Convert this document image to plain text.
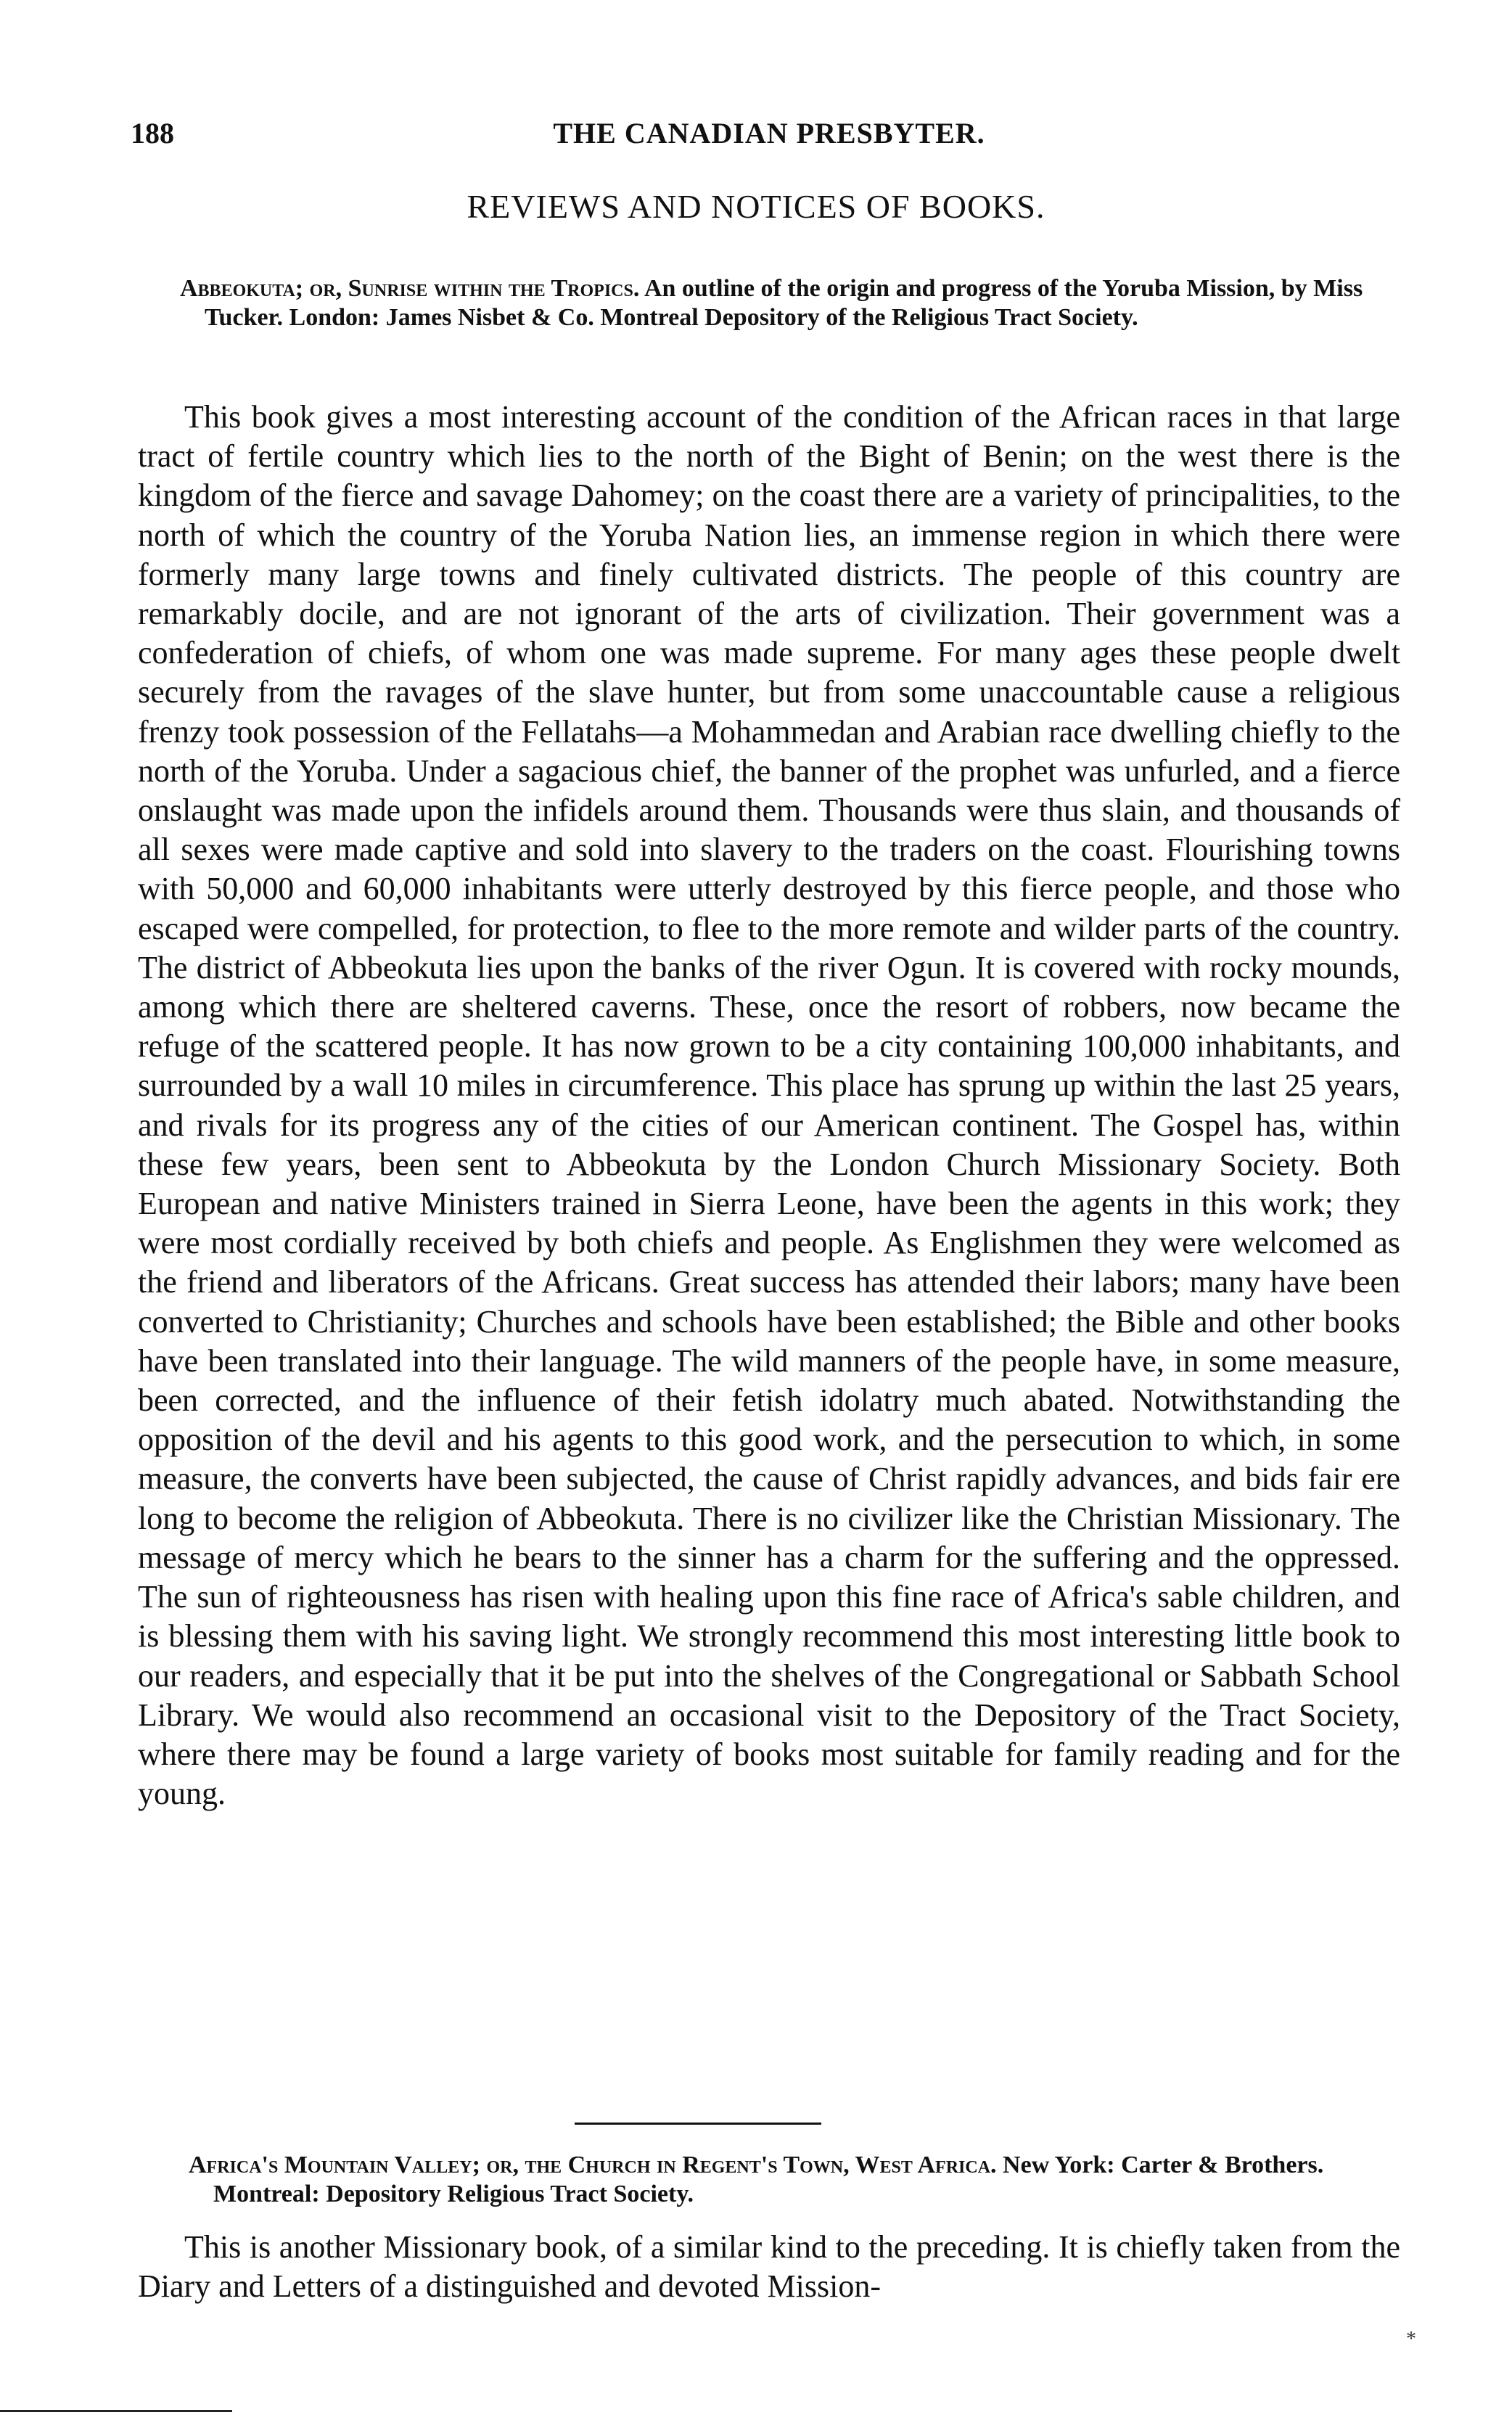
188	THE CANADIAN PRESBYTER.
REVIEWS AND NOTICES OF BOOKS.
Abbeokuta; or, Sunrise within the Tropics. An outline of the origin and progress of the Yoruba Mission, by Miss Tucker. London: James Nisbet & Co. Montreal Depository of the Religious Tract Society.

This book gives a most interesting account of the condition of the African races in that large tract of fertile country which lies to the north of the Bight of Benin; on the west there is the kingdom of the fierce and savage Dahomey; on the coast there are a variety of principalities, to the north of which the country of the Yoruba Nation lies, an immense region in which there were formerly many large towns and finely cultivated districts. The people of this country are remarkably docile, and are not ignorant of the arts of civilization. Their government was a confederation of chiefs, of whom one was made supreme. For many ages these people dwelt securely from the ravages of the slave hunter, but from some unaccountable cause a religious frenzy took possession of the Fellatahs—a Mohammedan and Arabian race dwelling chiefly to the north of the Yoruba. Under a sagacious chief, the banner of the prophet was unfurled, and a fierce onslaught was made upon the infidels around them. Thousands were thus slain, and thousands of all sexes were made captive and sold into slavery to the traders on the coast. Flourishing towns with 50,000 and 60,000 inhabitants were utterly destroyed by this fierce people, and those who escaped were compelled, for protection, to flee to the more remote and wilder parts of the country. The district of Abbeokuta lies upon the banks of the river Ogun. It is covered with rocky mounds, among which there are sheltered caverns. These, once the resort of robbers, now became the refuge of the scattered people. It has now grown to be a city containing 100,000 inhabitants, and surrounded by a wall 10 miles in circumference. This place has sprung up within the last 25 years, and rivals for its progress any of the cities of our American continent. The Gospel has, within these few years, been sent to Abbeokuta by the London Church Missionary Society. Both European and native Ministers trained in Sierra Leone, have been the agents in this work; they were most cordially received by both chiefs and people. As Englishmen they were welcomed as the friend and liberators of the Africans. Great success has attended their labors; many have been converted to Christianity; Churches and schools have been established; the Bible and other books have been translated into their language. The wild manners of the people have, in some measure, been corrected, and the influence of their fetish idolatry much abated. Notwithstanding the opposition of the devil and his agents to this good work, and the persecution to which, in some measure, the converts have been subjected, the cause of Christ rapidly advances, and bids fair ere long to become the religion of Abbeokuta. There is no civilizer like the Christian Missionary. The message of mercy which he bears to the sinner has a charm for the suffering and the oppressed. The sun of righteousness has risen with healing upon this fine race of Africa's sable children, and is blessing them with his saving light. We strongly recommend this most interesting little book to our readers, and especially that it be put into the shelves of the Congregational or Sabbath School Library. We would also recommend an occasional visit to the Depository of the Tract Society, where there may be found a large variety of books most suitable for family reading and for the young.

Africa's Mountain Valley; or, the Church in Regent's Town, West Africa. New York: Carter & Brothers. Montreal: Depository Religious Tract Society.

This is another Missionary book, of a similar kind to the preceding. It is chiefly taken from the Diary and Letters of a distinguished and devoted Mission-

*
